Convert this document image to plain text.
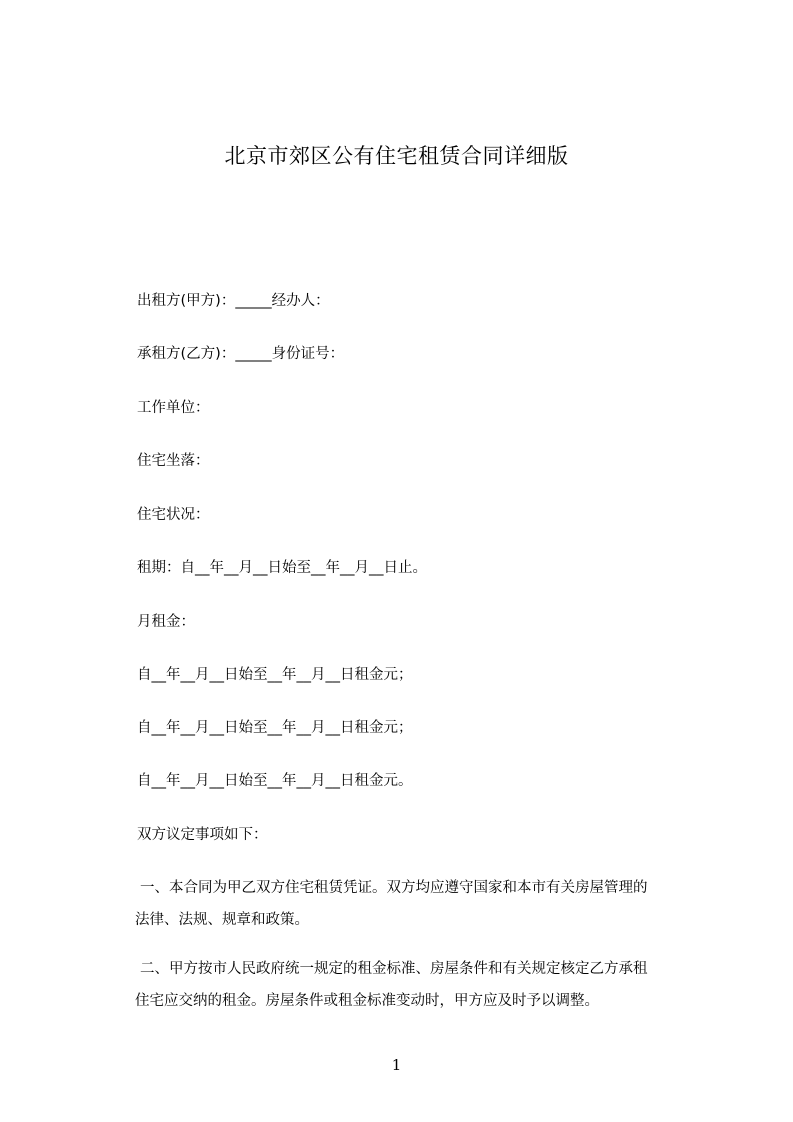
北京市郊区公有住宅租赁合同详细版
出租方(甲方)：_____经办人：
承租方(乙方)：_____身份证号：
工作单位：
住宅坐落：
住宅状况：
租期：自__年__月__日始至__年__月__日止。
月租金：
自__年__月__日始至__年__月__日租金元；
自__年__月__日始至__年__月__日租金元；
自__年__月__日始至__年__月__日租金元。
双方议定事项如下：
一、本合同为甲乙双方住宅租赁凭证。双方均应遵守国家和本市有关房屋管理的
法律、法规、规章和政策。
二、甲方按市人民政府统一规定的租金标准、房屋条件和有关规定核定乙方承租
住宅应交纳的租金。房屋条件或租金标准变动时，甲方应及时予以调整。
1
